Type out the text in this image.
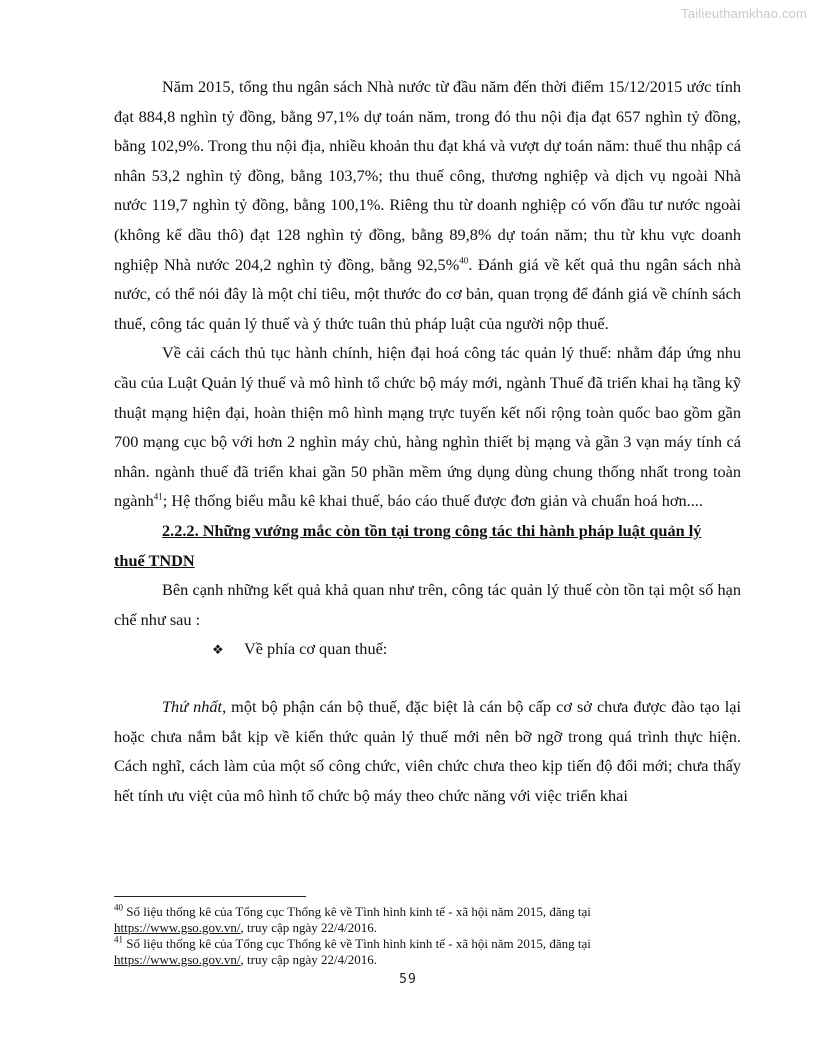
Tailieuthamkhao.com

Năm 2015, tổng thu ngân sách Nhà nước từ đầu năm đến thời điểm 15/12/2015 ước tính đạt 884,8 nghìn tỷ đồng, bằng 97,1% dự toán năm, trong đó thu nội địa đạt 657 nghìn tỷ đồng, bằng 102,9%. Trong thu nội địa, nhiều khoản thu đạt khá và vượt dự toán năm: thuế thu nhập cá nhân 53,2 nghìn tỷ đồng, bằng 103,7%; thu thuế công, thương nghiệp và dịch vụ ngoài Nhà nước 119,7 nghìn tỷ đồng, bằng 100,1%. Riêng thu từ doanh nghiệp có vốn đầu tư nước ngoài (không kể dầu thô) đạt 128 nghìn tỷ đồng, bằng 89,8% dự toán năm; thu từ khu vực doanh nghiệp Nhà nước 204,2 nghìn tỷ đồng, bằng 92,5%$^{40}$. Đánh giá về kết quả thu ngân sách nhà nước, có thể nói đây là một chỉ tiêu, một thước đo cơ bản, quan trọng để đánh giá về chính sách thuế, công tác quản lý thuế và ý thức tuân thủ pháp luật của người nộp thuế.

Về cải cách thủ tục hành chính, hiện đại hoá công tác quản lý thuế: nhằm đáp ứng nhu cầu của Luật Quản lý thuế và mô hình tổ chức bộ máy mới, ngành Thuế đã triển khai hạ tầng kỹ thuật mạng hiện đại, hoàn thiện mô hình mạng trực tuyến kết nối rộng toàn quốc bao gồm gần 700 mạng cục bộ với hơn 2 nghìn máy chủ, hàng nghìn thiết bị mạng và gần 3 vạn máy tính cá nhân. ngành thuế đã triển khai gần 50 phần mềm ứng dụng dùng chung thống nhất trong toàn ngành$^{41}$; Hệ thống biểu mẫu kê khai thuế, báo cáo thuế được đơn giản và chuẩn hoá hơn....

2.2.2. Những vướng mắc còn tồn tại trong công tác thi hành pháp luật quản lý
thuế TNDN

Bên cạnh những kết quả khả quan như trên, công tác quản lý thuế còn tồn tại một số hạn chế như sau :

❖ Về phía cơ quan thuế:

Thứ nhất, một bộ phận cán bộ thuế, đặc biệt là cán bộ cấp cơ sở chưa được đào tạo lại hoặc chưa nắm bắt kịp về kiến thức quản lý thuế mới nên bỡ ngỡ trong quá trình thực hiện. Cách nghĩ, cách làm của một số công chức, viên chức chưa theo kịp tiến độ đổi mới; chưa thấy hết tính ưu việt của mô hình tổ chức bộ máy theo chức năng với việc triển khai

$^{40}$ Số liệu thống kê của Tổng cục Thống kê về Tình hình kinh tế - xã hội năm 2015, đăng tại
https://www.gso.gov.vn/, truy cập ngày 22/4/2016.

$^{41}$ Số liệu thống kê của Tổng cục Thống kê về Tình hình kinh tế - xã hội năm 2015, đăng tại
https://www.gso.gov.vn/, truy cập ngày 22/4/2016.

59
